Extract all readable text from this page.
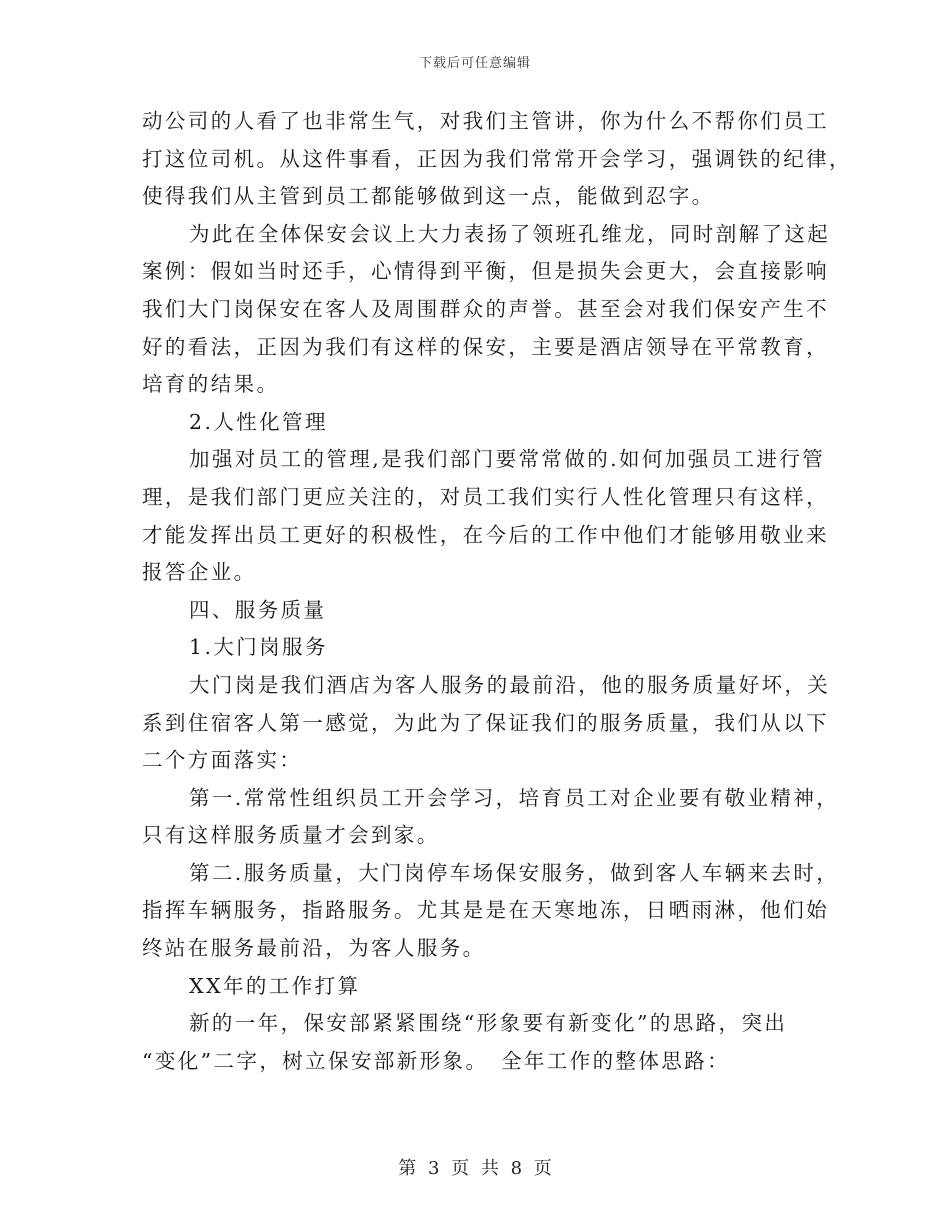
下载后可任意编辑
动公司的人看了也非常生气，对我们主管讲，你为什么不帮你们员工
打这位司机。从这件事看，正因为我们常常开会学习，强调铁的纪律，
使得我们从主管到员工都能够做到这一点，能做到忍字。
为此在全体保安会议上大力表扬了领班孔维龙，同时剖解了这起
案例：假如当时还手，心情得到平衡，但是损失会更大，会直接影响
我们大门岗保安在客人及周围群众的声誉。甚至会对我们保安产生不
好的看法，正因为我们有这样的保安，主要是酒店领导在平常教育，
培育的结果。
2.人性化管理
加强对员工的管理,是我们部门要常常做的.如何加强员工进行管
理，是我们部门更应关注的，对员工我们实行人性化管理只有这样，
才能发挥出员工更好的积极性，在今后的工作中他们才能够用敬业来
报答企业。
四、服务质量
1.大门岗服务
大门岗是我们酒店为客人服务的最前沿，他的服务质量好坏，关
系到住宿客人第一感觉，为此为了保证我们的服务质量，我们从以下
二个方面落实：
第一.常常性组织员工开会学习，培育员工对企业要有敬业精神，
只有这样服务质量才会到家。
第二.服务质量，大门岗停车场保安服务，做到客人车辆来去时，
指挥车辆服务，指路服务。尤其是是在天寒地冻，日晒雨淋，他们始
终站在服务最前沿，为客人服务。
XX年的工作打算
新的一年，保安部紧紧围绕“形象要有新变化”的思路，突出
“变化”二字，树立保安部新形象。　全年工作的整体思路：
第 3 页 共 8 页
